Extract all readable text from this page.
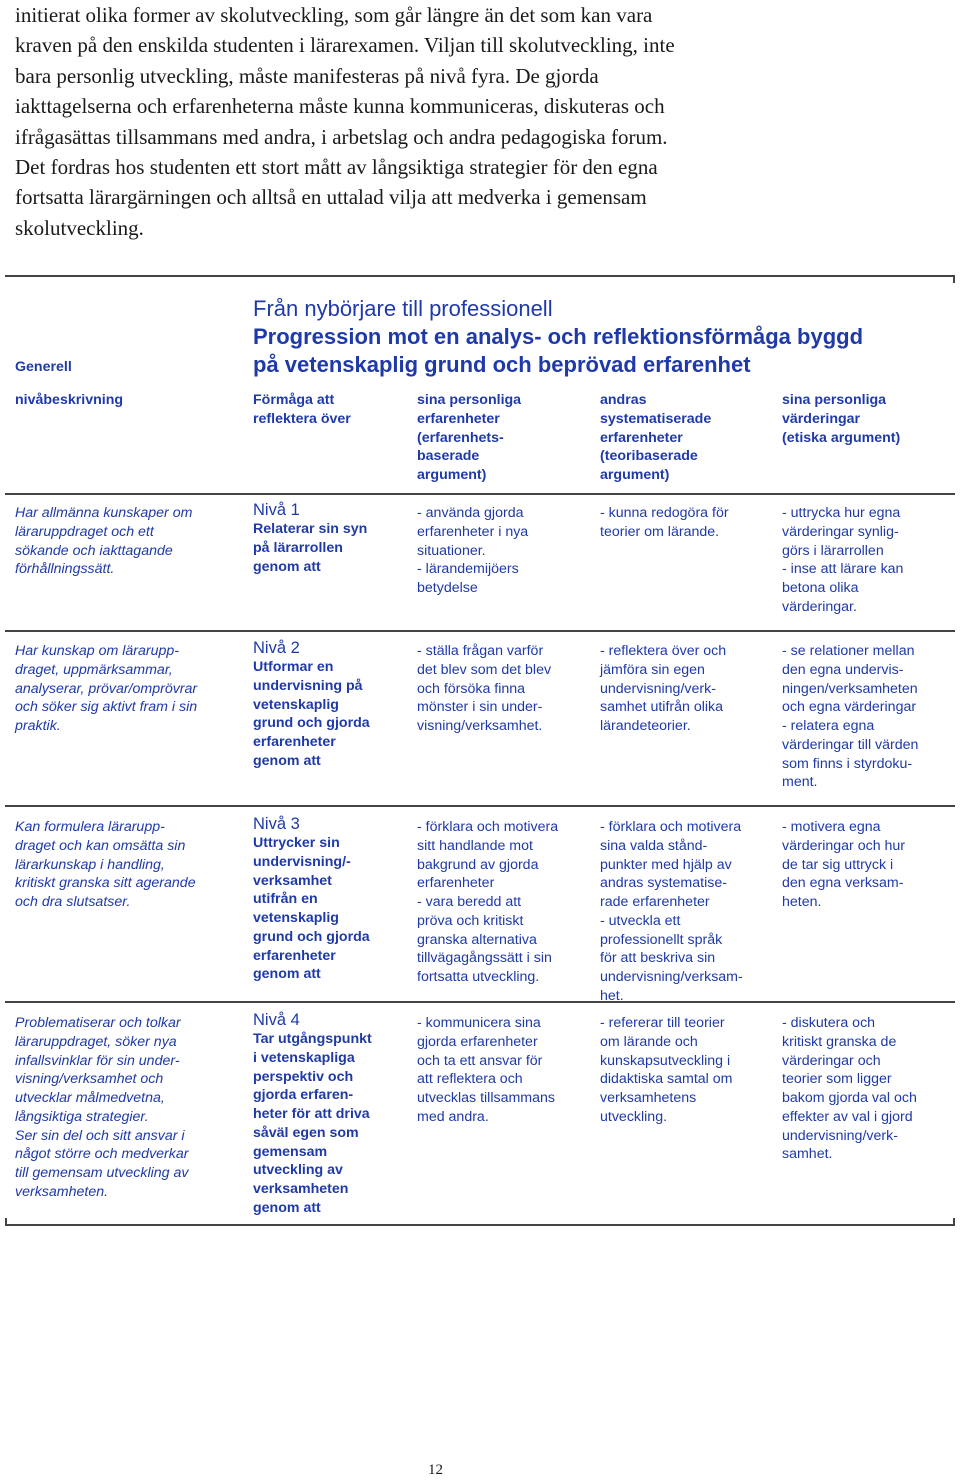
initierat olika former av skolutveckling, som går längre än det som kan vara
kraven på den enskilda studenten i lärarexamen. Viljan till skolutveckling, inte
bara personlig utveckling, måste manifesteras på nivå fyra. De gjorda
iakttagelserna och erfarenheterna måste kunna kommuniceras, diskuteras och
ifrågasättas tillsammans med andra, i arbetslag och andra pedagogiska forum.
Det fordras hos studenten ett stort mått av långsiktiga strategier för den egna
fortsatta lärargärningen och alltså en uttalad vilja att medverka i gemensam
skolutveckling.
Generell
Från nybörjare till professionell
Progression mot en analys- och reflektionsförmåga byggd
på vetenskaplig grund och beprövad erfarenhet
nivåbeskrivning	Förmåga att
reflektera över
sina personliga
erfarenheter
(erfarenhets-
baserade
argument)
andras
systematiserade
erfarenheter
(teoribaserade
argument)
sina personliga
värderingar
(etiska argument)
Har allmänna kunskaper om
läraruppdraget och ett
sökande och iakttagande
förhållningssätt.
Nivå 1
Relaterar sin syn
på lärarrollen
genom att
- använda gjorda
erfarenheter i nya
situationer.
- lärandemijöers
betydelse
- kunna redogöra för
teorier om lärande.
- uttrycka hur egna
värderingar synlig-
görs i lärarrollen
- inse att lärare kan
betona olika
värderingar.
Har kunskap om lärarupp-
draget, uppmärksammar,
analyserar, prövar/omprövrar
och söker sig aktivt fram i sin
praktik.
Nivå 2
Utformar en
undervisning på
vetenskaplig
grund och gjorda
erfarenheter
genom att
- ställa frågan varför
det blev som det blev
och försöka finna
mönster i sin under-
visning/verksamhet.
- reflektera över och
jämföra sin egen
undervisning/verk-
samhet utifrån olika
lärandeteorier.
- se relationer mellan
den egna undervis-
ningen/verksamheten
och egna värderingar
- relatera egna
värderingar till värden
som finns i styrdoku-
ment.
Kan formulera lärarupp-
draget och kan omsätta sin
lärarkunskap i handling,
kritiskt granska sitt agerande
och dra slutsatser.
Nivå 3
Uttrycker sin
undervisning/-
verksamhet
utifrån en
vetenskaplig
grund och gjorda
erfarenheter
genom att
- förklara och motivera
sitt handlande mot
bakgrund av gjorda
erfarenheter
- vara beredd att
pröva och kritiskt
granska alternativa
tillvägagångssätt i sin
fortsatta utveckling.
- förklara och motivera
sina valda stånd-
punkter med hjälp av
andras systematise-
rade erfarenheter
- utveckla ett
professionellt språk
för att beskriva sin
undervisning/verksam-
het.
- motivera egna
värderingar och hur
de tar sig uttryck i
den egna verksam-
heten.
Problematiserar och tolkar
läraruppdraget, söker nya
infallsvinklar för sin under-
visning/verksamhet och
utvecklar målmedvetna,
långsiktiga strategier.
Ser sin del och sitt ansvar i
något större och medverkar
till gemensam utveckling av
verksamheten.
Nivå 4
Tar utgångspunkt
i vetenskapliga
perspektiv och
gjorda erfaren-
heter för att driva
såväl egen som
gemensam
utveckling av
verksamheten
genom att
- kommunicera sina
gjorda erfarenheter
och ta ett ansvar för
att reflektera och
utvecklas tillsammans
med andra.
- refererar till teorier
om lärande och
kunskapsutveckling i
didaktiska samtal om
verksamhetens
utveckling.
- diskutera och
kritiskt granska de
värderingar och
teorier som ligger
bakom gjorda val och
effekter av val i gjord
undervisning/verk-
samhet.
12
